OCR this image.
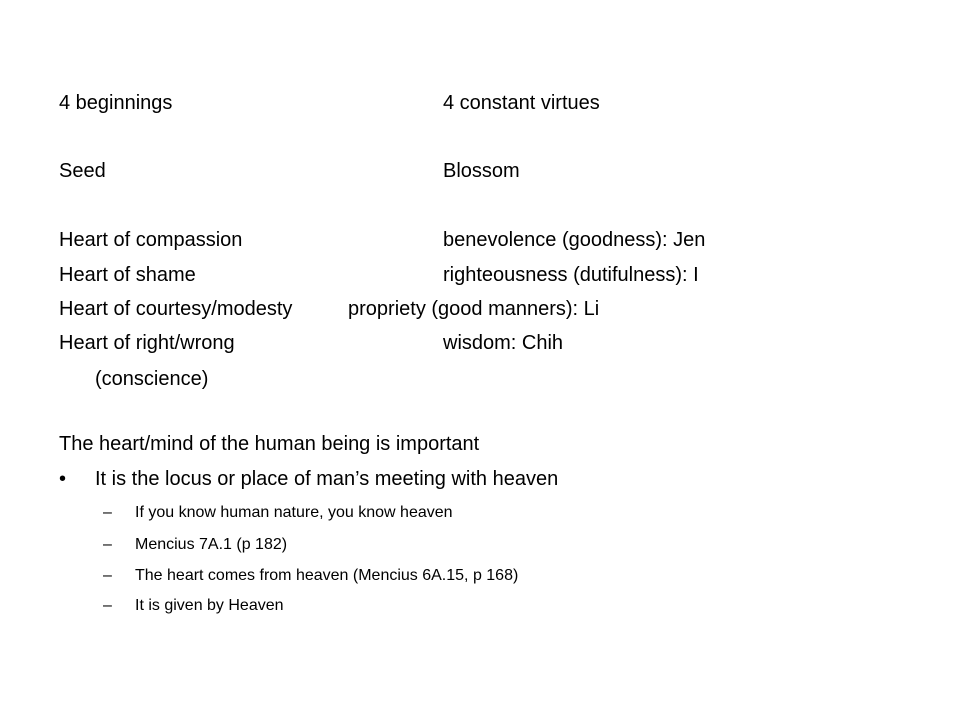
4 beginnings	4 constant virtues
Seed	Blossom
Heart of compassion	benevolence (goodness): Jen
Heart of shame	righteousness (dutifulness): I
Heart of courtesy/modesty	propriety (good manners): Li
Heart of right/wrong	wisdom: Chih
(conscience)
The heart/mind of the human being is important
• It is the locus or place of man’s meeting with heaven
– If you know human nature, you know heaven
– Mencius 7A.1 (p 182)
– The heart comes from heaven (Mencius 6A.15, p 168)
– It is given by Heaven
